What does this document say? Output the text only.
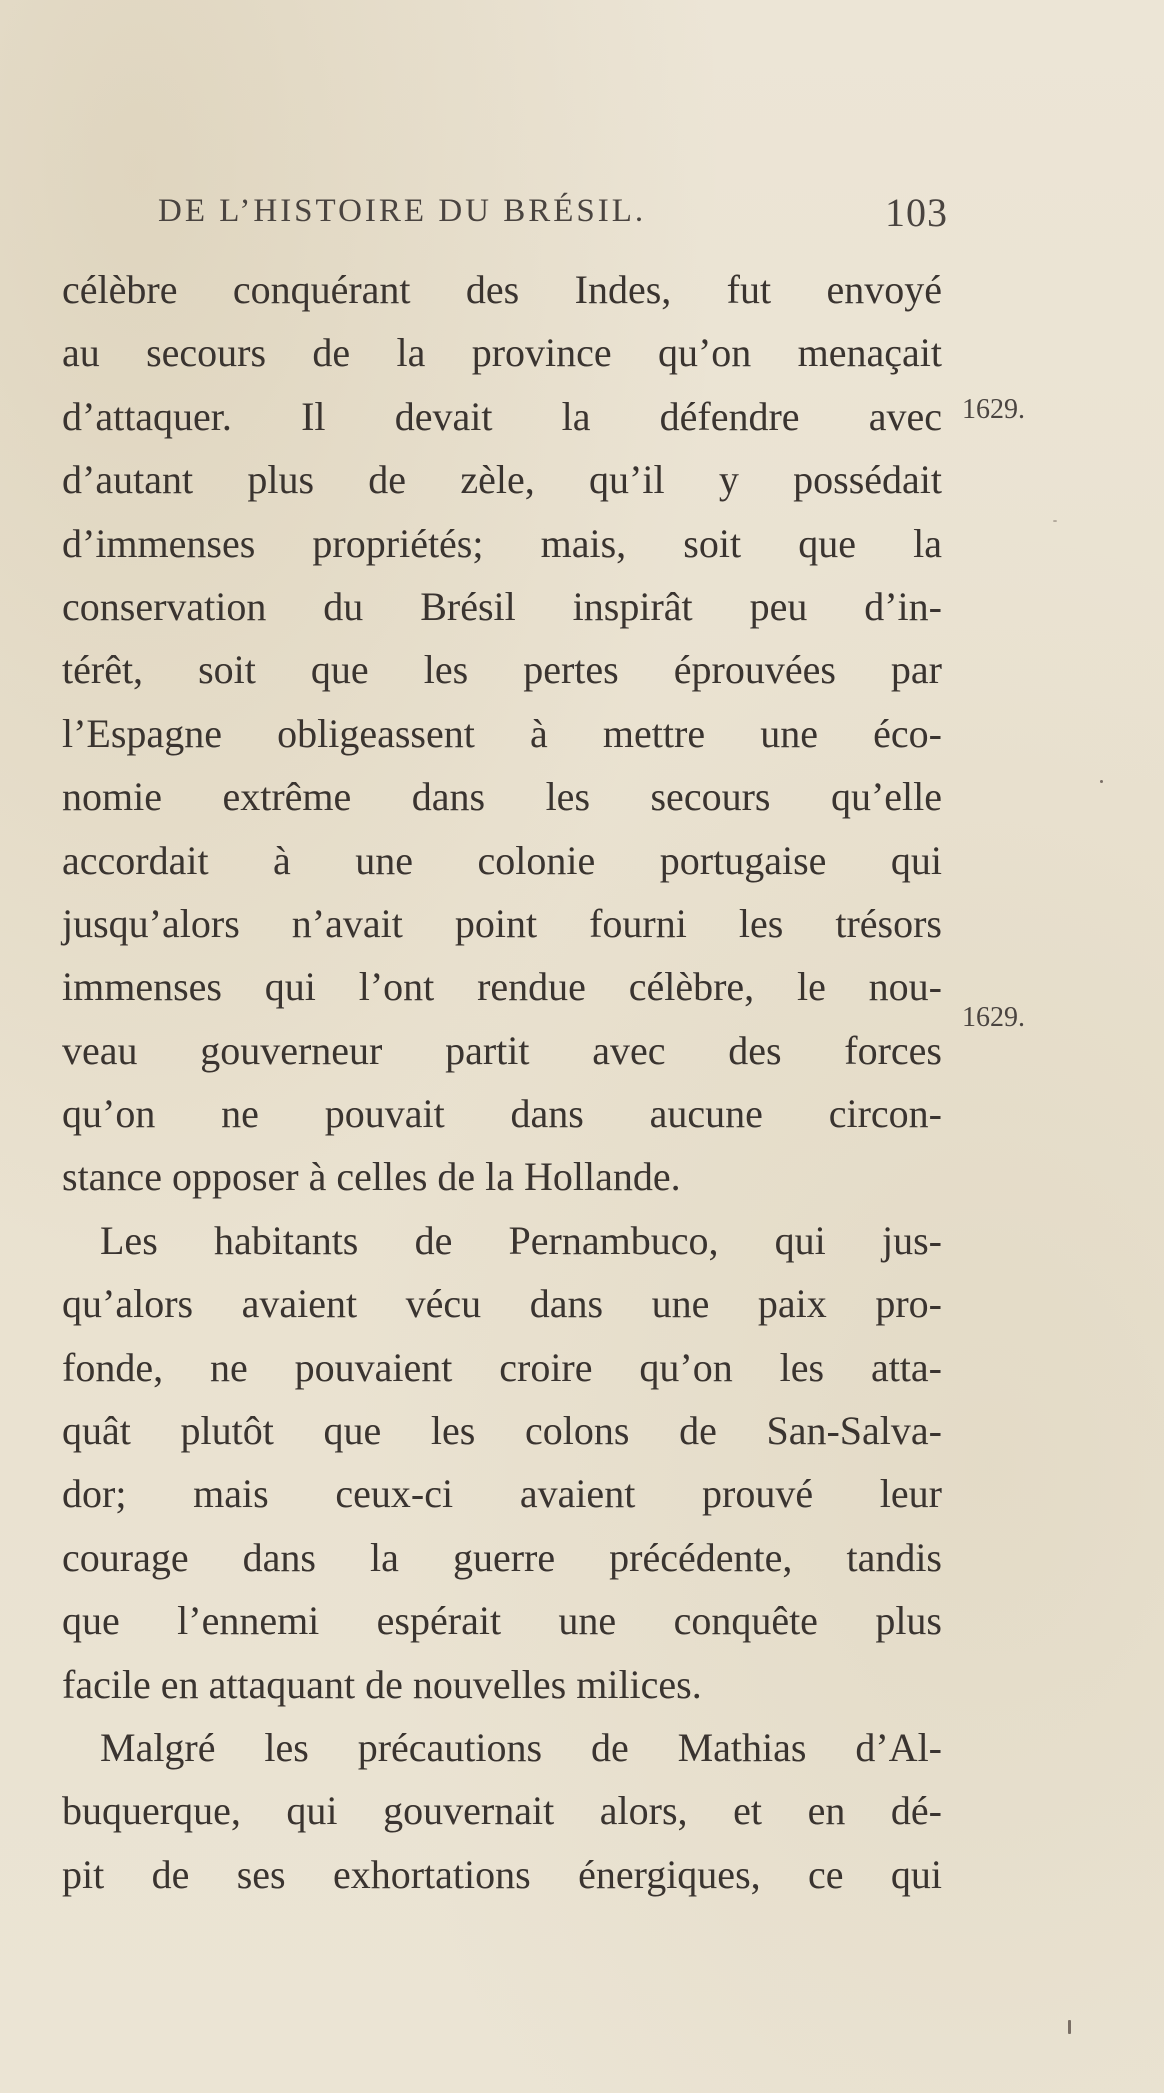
DE L’HISTOIRE DU BRÉSIL.	103
célèbre conquérant des Indes, fut envoyé
au secours de la province qu’on menaçait
d’attaquer. Il devait la défendre avec
d’autant plus de zèle, qu’il y possédait
d’immenses propriétés; mais, soit que la
conservation du Brésil inspirât peu d’in-
térêt, soit que les pertes éprouvées par
l’Espagne obligeassent à mettre une éco-
nomie extrême dans les secours qu’elle
accordait à une colonie portugaise qui
jusqu’alors n’avait point fourni les trésors
immenses qui l’ont rendue célèbre, le nou-
veau gouverneur partit avec des forces
qu’on ne pouvait dans aucune circon-
stance opposer à celles de la Hollande.
Les habitants de Pernambuco, qui jus-
qu’alors avaient vécu dans une paix pro-
fonde, ne pouvaient croire qu’on les atta-
quât plutôt que les colons de San-Salva-
dor; mais ceux-ci avaient prouvé leur
courage dans la guerre précédente, tandis
que l’ennemi espérait une conquête plus
facile en attaquant de nouvelles milices.
Malgré les précautions de Mathias d’Al-
buquerque, qui gouvernait alors, et en dé-
pit de ses exhortations énergiques, ce qui
1629.
1629.
